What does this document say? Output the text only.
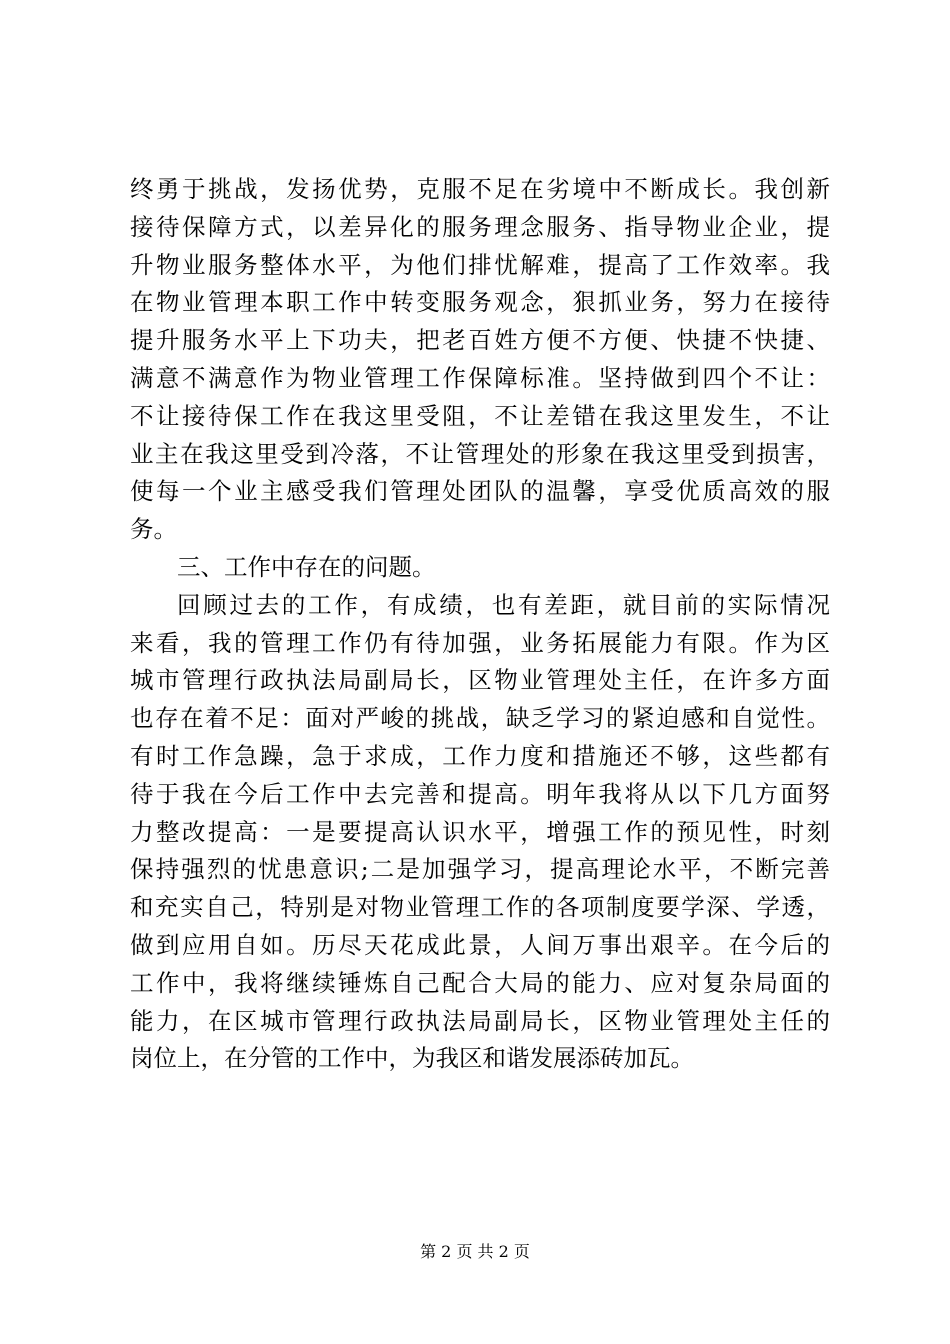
终勇于挑战，发扬优势，克服不足在劣境中不断成长。我创新
接待保障方式，以差异化的服务理念服务、指导物业企业，提
升物业服务整体水平，为他们排忧解难，提高了工作效率。我
在物业管理本职工作中转变服务观念，狠抓业务，努力在接待
提升服务水平上下功夫，把老百姓方便不方便、快捷不快捷、
满意不满意作为物业管理工作保障标准。坚持做到四个不让：
不让接待保工作在我这里受阻，不让差错在我这里发生，不让
业主在我这里受到冷落，不让管理处的形象在我这里受到损害，
使每一个业主感受我们管理处团队的温馨，享受优质高效的服
务。
三、工作中存在的问题。
回顾过去的工作，有成绩，也有差距，就目前的实际情况
来看，我的管理工作仍有待加强，业务拓展能力有限。作为区
城市管理行政执法局副局长，区物业管理处主任，在许多方面
也存在着不足：面对严峻的挑战，缺乏学习的紧迫感和自觉性。
有时工作急躁，急于求成，工作力度和措施还不够，这些都有
待于我在今后工作中去完善和提高。明年我将从以下几方面努
力整改提高：一是要提高认识水平，增强工作的预见性，时刻
保持强烈的忧患意识;二是加强学习，提高理论水平，不断完善
和充实自己，特别是对物业管理工作的各项制度要学深、学透，
做到应用自如。历尽天花成此景，人间万事出艰辛。在今后的
工作中，我将继续锤炼自己配合大局的能力、应对复杂局面的
能力，在区城市管理行政执法局副局长，区物业管理处主任的
岗位上，在分管的工作中，为我区和谐发展添砖加瓦。
第 2 页 共 2 页
